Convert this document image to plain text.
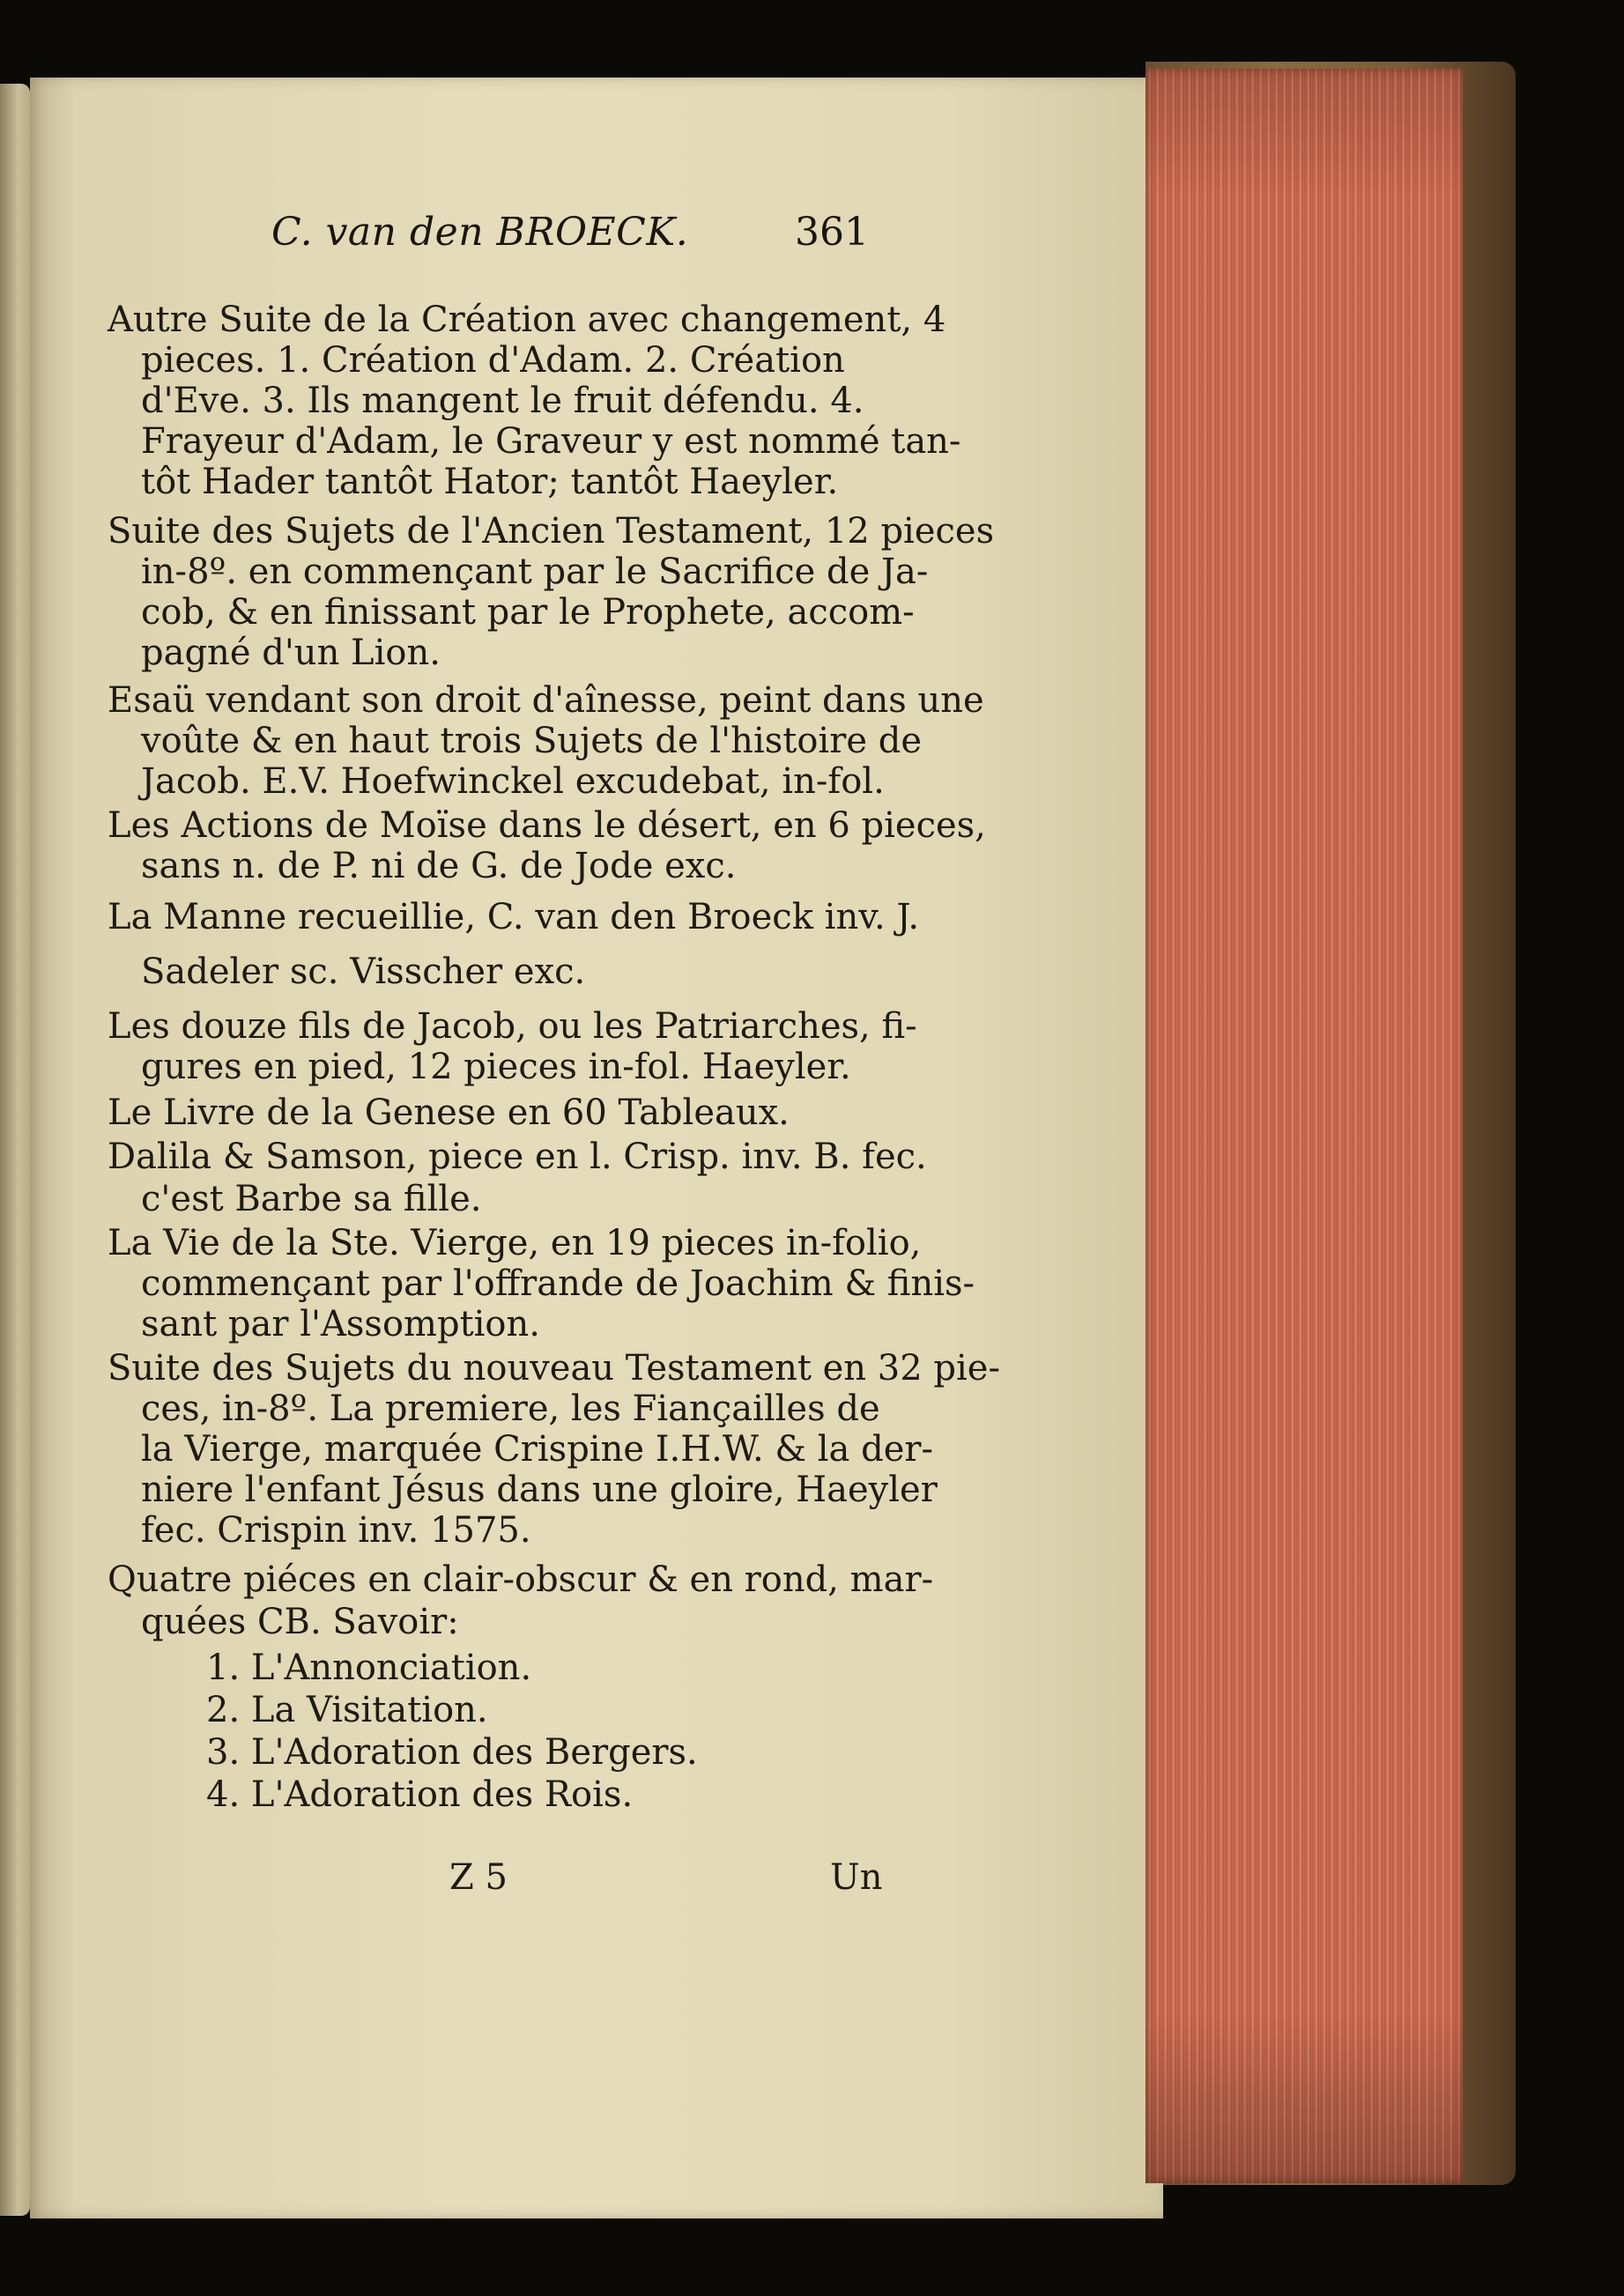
C. van den BROECK.	361
Autre Suite de la Création avec changement, 4
pieces. 1. Création d'Adam. 2. Création
d'Eve. 3. Ils mangent le fruit défendu. 4.
Frayeur d'Adam, le Graveur y est nommé tan-
tôt Hader tantôt Hator; tantôt Haeyler.
Suite des Sujets de l'Ancien Testament, 12 pieces
in-8º. en commençant par le Sacrifice de Ja-
cob, & en finissant par le Prophete, accom-
pagné d'un Lion.
Esaü vendant son droit d'aînesse, peint dans une
voûte & en haut trois Sujets de l'histoire de
Jacob. E.V. Hoefwinckel excudebat, in-fol.
Les Actions de Moïse dans le désert, en 6 pieces,
sans n. de P. ni de G. de Jode exc.
La Manne recueillie, C. van den Broeck inv. J.
Sadeler sc. Visscher exc.
Les douze fils de Jacob, ou les Patriarches, fi-
gures en pied, 12 pieces in-fol. Haeyler.
Le Livre de la Genese en 60 Tableaux.
Dalila & Samson, piece en l. Crisp. inv. B. fec.
c'est Barbe sa fille.
La Vie de la Ste. Vierge, en 19 pieces in-folio,
commençant par l'offrande de Joachim & finis-
sant par l'Assomption.
Suite des Sujets du nouveau Testament en 32 pie-
ces, in-8º. La premiere, les Fiançailles de
la Vierge, marquée Crispine I.H.W. & la der-
niere l'enfant Jésus dans une gloire, Haeyler
fec. Crispin inv. 1575.
Quatre piéces en clair-obscur & en rond, mar-
quées CB. Savoir:
1. L'Annonciation.
2. La Visitation.
3. L'Adoration des Bergers.
4. L'Adoration des Rois.
Z 5	Un
